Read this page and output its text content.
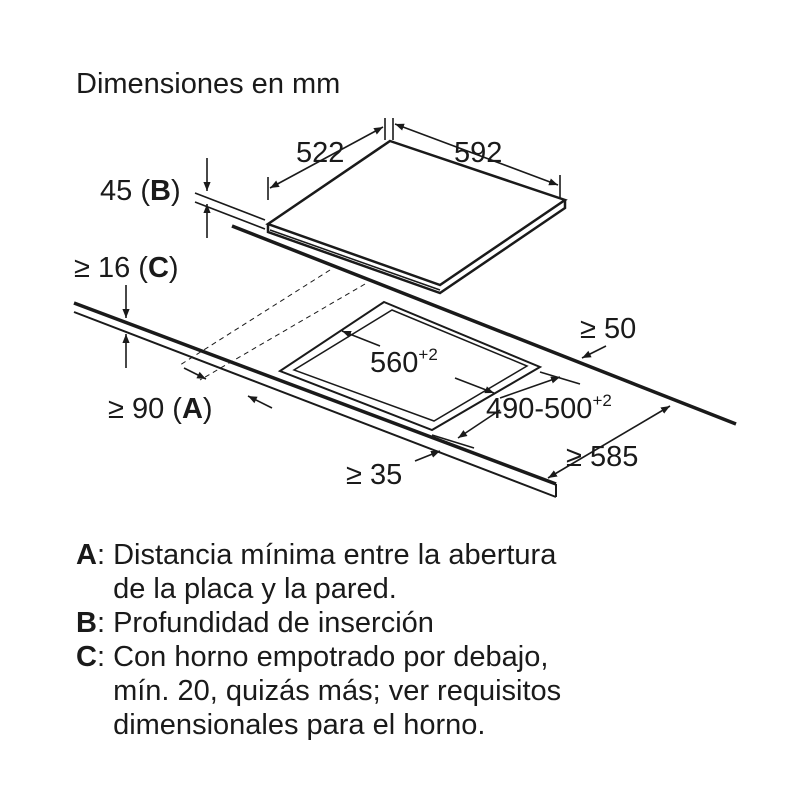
Dimensiones en mm
522	592
45 (B)
≥ 16 (C)
≥ 90 (A)
$560^{+2}$
$490-500^{+2}$
≥ 50
≥ 35
≥ 585
A : Distancia mínima entre la abertura
de la placa y la pared.
B : Profundidad de inserción
C : Con horno empotrado por debajo,
mín. 20, quizás más; ver requisitos
dimensionales para el horno.
